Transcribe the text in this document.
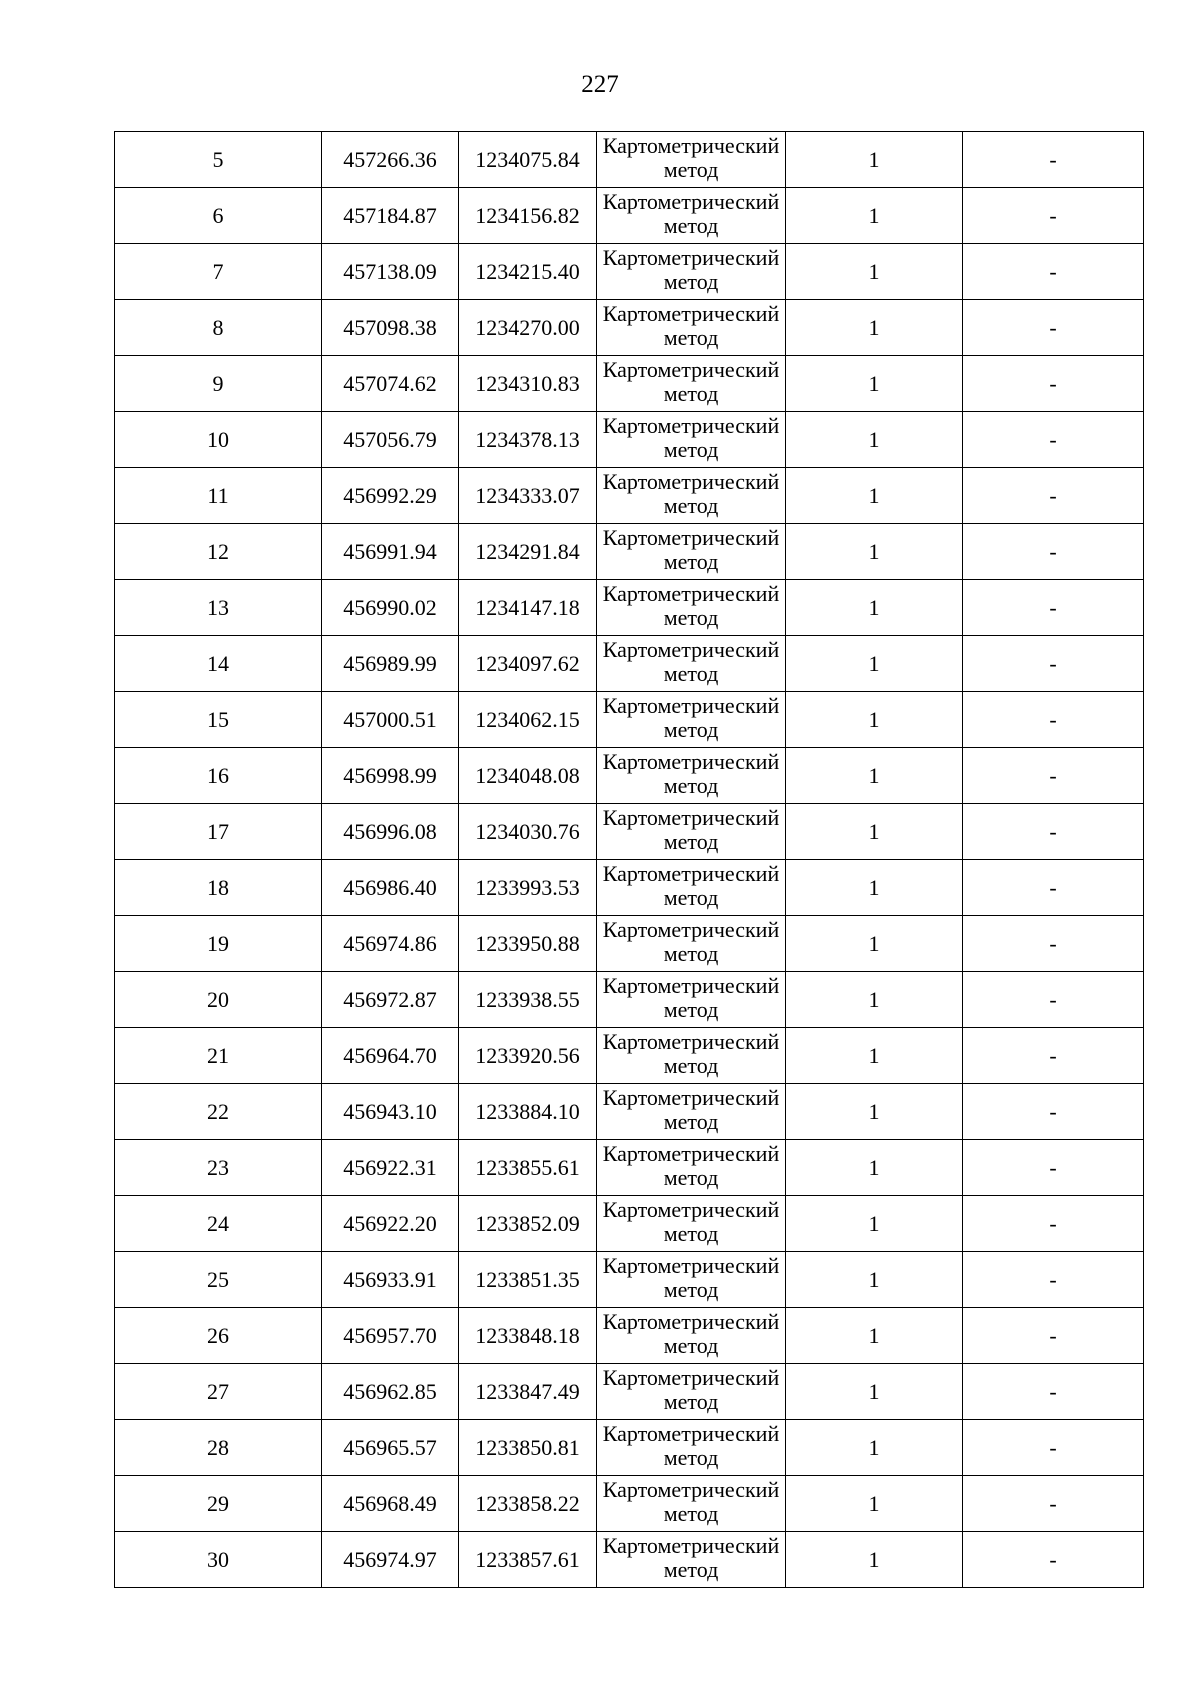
227
5	457266.36	1234075.84	Картометрический метод	1	-
6	457184.87	1234156.82	Картометрический метод	1	-
7	457138.09	1234215.40	Картометрический метод	1	-
8	457098.38	1234270.00	Картометрический метод	1	-
9	457074.62	1234310.83	Картометрический метод	1	-
10	457056.79	1234378.13	Картометрический метод	1	-
11	456992.29	1234333.07	Картометрический метод	1	-
12	456991.94	1234291.84	Картометрический метод	1	-
13	456990.02	1234147.18	Картометрический метод	1	-
14	456989.99	1234097.62	Картометрический метод	1	-
15	457000.51	1234062.15	Картометрический метод	1	-
16	456998.99	1234048.08	Картометрический метод	1	-
17	456996.08	1234030.76	Картометрический метод	1	-
18	456986.40	1233993.53	Картометрический метод	1	-
19	456974.86	1233950.88	Картометрический метод	1	-
20	456972.87	1233938.55	Картометрический метод	1	-
21	456964.70	1233920.56	Картометрический метод	1	-
22	456943.10	1233884.10	Картометрический метод	1	-
23	456922.31	1233855.61	Картометрический метод	1	-
24	456922.20	1233852.09	Картометрический метод	1	-
25	456933.91	1233851.35	Картометрический метод	1	-
26	456957.70	1233848.18	Картометрический метод	1	-
27	456962.85	1233847.49	Картометрический метод	1	-
28	456965.57	1233850.81	Картометрический метод	1	-
29	456968.49	1233858.22	Картометрический метод	1	-
30	456974.97	1233857.61	Картометрический метод	1	-
